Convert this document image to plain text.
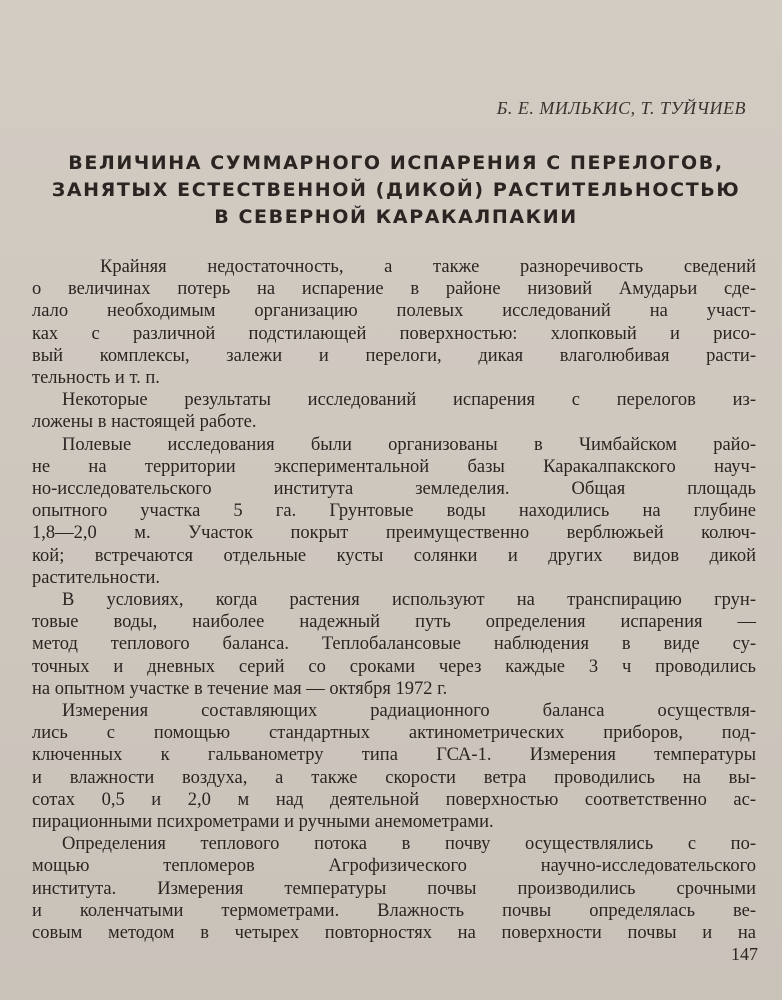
Б. Е. МИЛЬКИС, Т. ТУЙЧИЕВ
ВЕЛИЧИНА СУММАРНОГО ИСПАРЕНИЯ С ПЕРЕЛОГОВ,
ЗАНЯТЫХ ЕСТЕСТВЕННОЙ (ДИКОЙ) РАСТИТЕЛЬНОСТЬЮ
В СЕВЕРНОЙ КАРАКАЛПАКИИ

Крайняя недостаточность, а также разноречивость сведений
о величинах потерь на испарение в районе низовий Амударьи сде-
лало необходимым организацию полевых исследований на участ-
ках с различной подстилающей поверхностью: хлопковый и рисо-
вый комплексы, залежи и перелоги, дикая влаголюбивая расти-
тельность и т. п.

Некоторые результаты исследований испарения с перелогов из-
ложены в настоящей работе.

Полевые исследования были организованы в Чимбайском райо-
не на территории экспериментальной базы Каракалпакского науч-
но-исследовательского института земледелия. Общая площадь
опытного участка 5 га. Грунтовые воды находились на глубине
1,8—2,0 м. Участок покрыт преимущественно верблюжьей колюч-
кой; встречаются отдельные кусты солянки и других видов дикой
растительности.

В условиях, когда растения используют на транспирацию грун-
товые воды, наиболее надежный путь определения испарения —
метод теплового баланса. Теплобалансовые наблюдения в виде су-
точных и дневных серий со сроками через каждые 3 ч проводились
на опытном участке в течение мая — октября 1972 г.

Измерения составляющих радиационного баланса осуществля-
лись с помощью стандартных актинометрических приборов, под-
ключенных к гальванометру типа ГСА-1. Измерения температуры
и влажности воздуха, а также скорости ветра проводились на вы-
сотах 0,5 и 2,0 м над деятельной поверхностью соответственно ас-
пирационными психрометрами и ручными анемометрами.

Определения теплового потока в почву осуществлялись с по-
мощью тепломеров Агрофизического научно-исследовательского
института. Измерения температуры почвы производились срочными
и коленчатыми термометрами. Влажность почвы определялась ве-
совым методом в четырех повторностях на поверхности почвы и на

147
